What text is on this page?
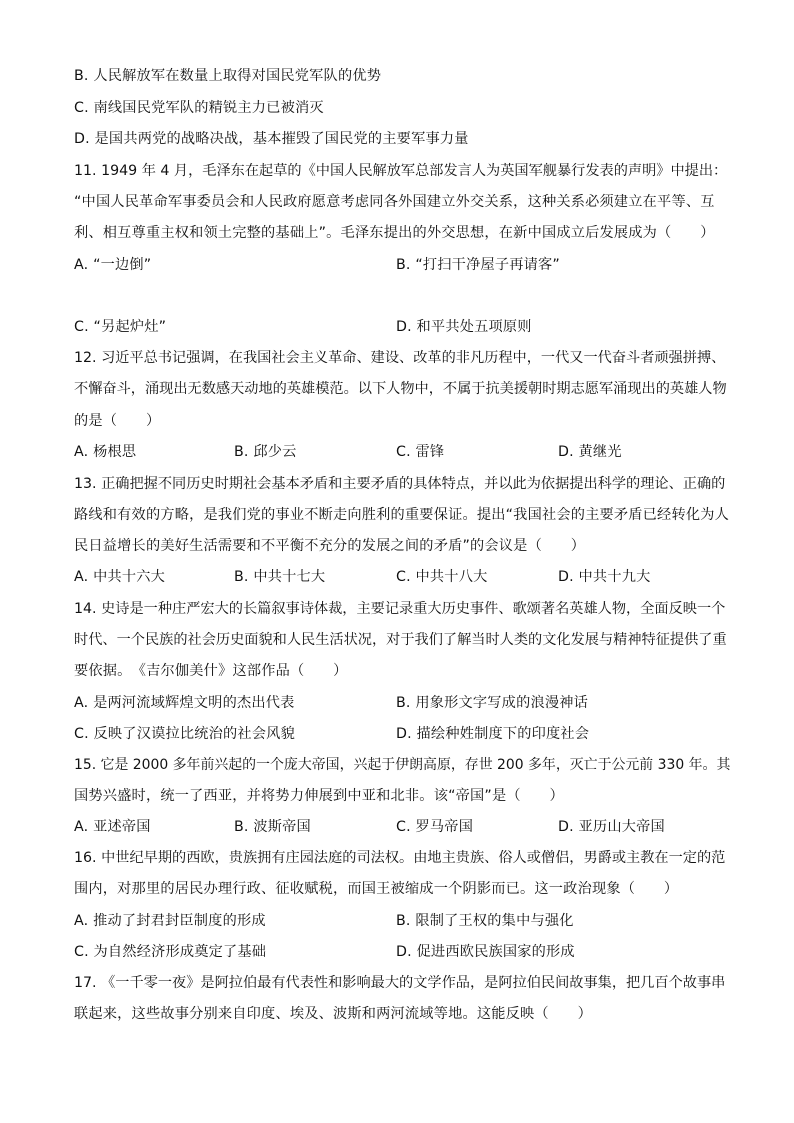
B. 人民解放军在数量上取得对国民党军队的优势
C. 南线国民党军队的精锐主力已被消灭
D. 是国共两党的战略决战，基本摧毁了国民党的主要军事力量
11. 1949 年 4 月，毛泽东在起草的《中国人民解放军总部发言人为英国军舰暴行发表的声明》中提出：
“中国人民革命军事委员会和人民政府愿意考虑同各外国建立外交关系，这种关系必须建立在平等、互
利、相互尊重主权和领土完整的基础上”。毛泽东提出的外交思想，在新中国成立后发展成为（　　）
A. “一边倒”	B. “打扫干净屋子再请客”
C. “另起炉灶”	D. 和平共处五项原则
12. 习近平总书记强调，在我国社会主义革命、建设、改革的非凡历程中，一代又一代奋斗者顽强拼搏、
不懈奋斗，涌现出无数感天动地的英雄模范。以下人物中，不属于抗美援朝时期志愿军涌现出的英雄人物
的是（　　）
A. 杨根思	B. 邱少云	C. 雷锋	D. 黄继光
13. 正确把握不同历史时期社会基本矛盾和主要矛盾的具体特点，并以此为依据提出科学的理论、正确的
路线和有效的方略，是我们党的事业不断走向胜利的重要保证。提出“我国社会的主要矛盾已经转化为人
民日益增长的美好生活需要和不平衡不充分的发展之间的矛盾”的会议是（　　）
A. 中共十六大	B. 中共十七大	C. 中共十八大	D. 中共十九大
14. 史诗是一种庄严宏大的长篇叙事诗体裁，主要记录重大历史事件、歌颂著名英雄人物，全面反映一个
时代、一个民族的社会历史面貌和人民生活状况，对于我们了解当时人类的文化发展与精神特征提供了重
要依据。　《吉尔伽美什》这部作品（　　）
A. 是两河流域辉煌文明的杰出代表	B. 用象形文字写成的浪漫神话
C. 反映了汉谟拉比统治的社会风貌	D. 描绘种姓制度下的印度社会
15. 它是 2000 多年前兴起的一个庞大帝国，兴起于伊朗高原，存世 200 多年，灭亡于公元前 330 年。其
国势兴盛时，统一了西亚，并将势力伸展到中亚和北非。该“帝国”是（　　）
A. 亚述帝国	B. 波斯帝国	C. 罗马帝国	D. 亚历山大帝国
16. 中世纪早期的西欧，贵族拥有庄园法庭的司法权。由地主贵族、俗人或僧侣，男爵或主教在一定的范
围内，对那里的居民办理行政、征收赋税，而国王被缩成一个阴影而已。这一政治现象（　　）
A. 推动了封君封臣制度的形成	B. 限制了王权的集中与强化
C. 为自然经济形成奠定了基础	D. 促进西欧民族国家的形成
17. 《一千零一夜》是阿拉伯最有代表性和影响最大的文学作品，是阿拉伯民间故事集，把几百个故事串
联起来，这些故事分别来自印度、埃及、波斯和两河流域等地。这能反映（　　）
